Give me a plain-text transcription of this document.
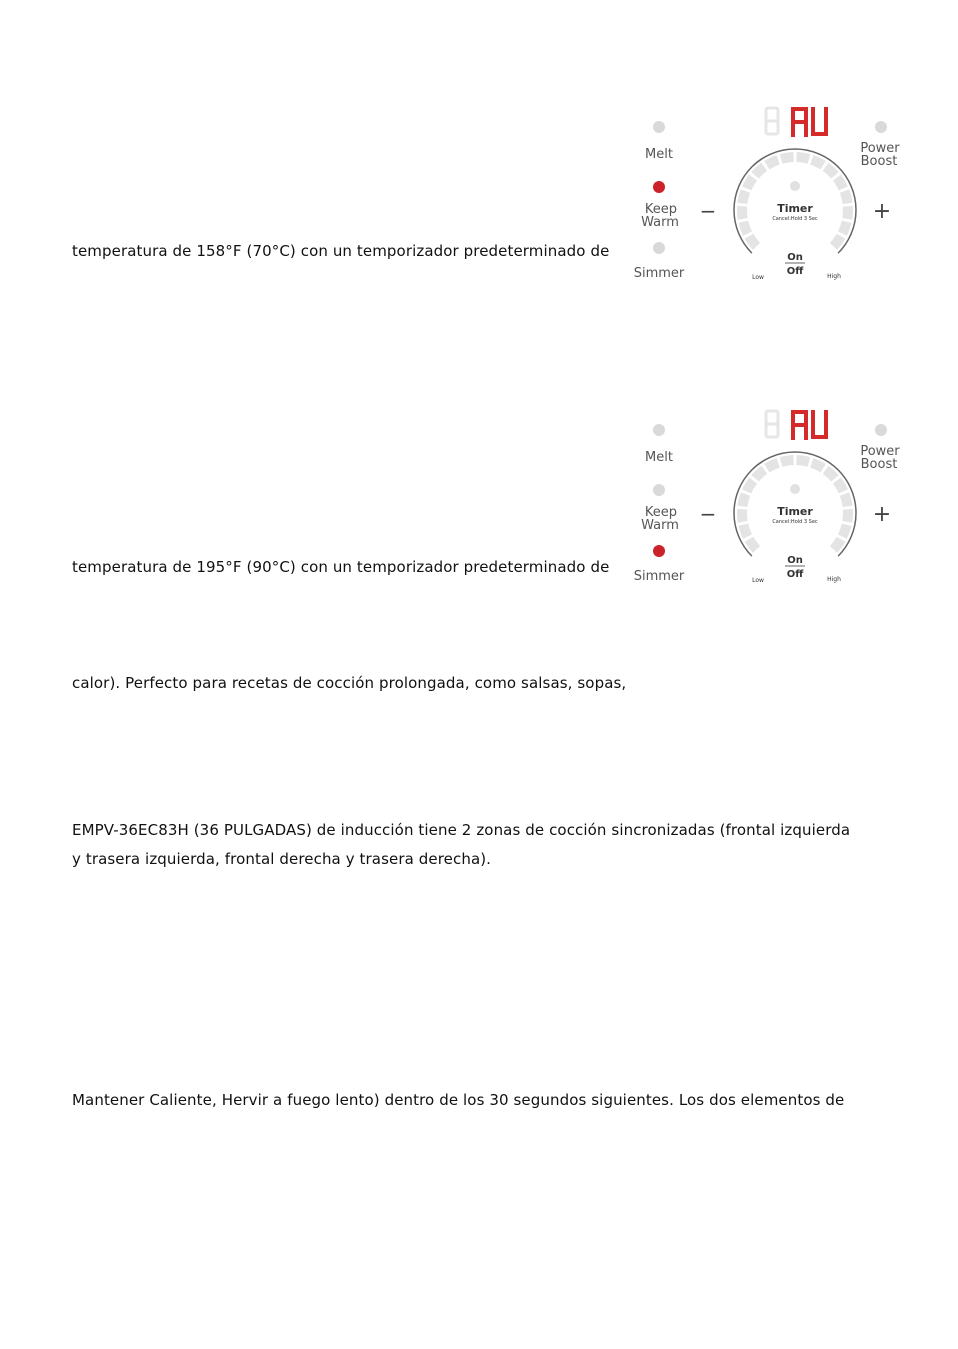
temperatura de 158°F (70°C) con un temporizador predeterminado de
temperatura de 195°F (90°C) con un temporizador predeterminado de
calor). Perfecto para recetas de cocción prolongada, como salsas, sopas,
EMPV-36EC83H (36 PULGADAS) de inducción tiene 2 zonas de cocción sincronizadas (frontal izquierda
y trasera izquierda, frontal derecha y trasera derecha).
Mantener Caliente, Hervir a fuego lento) dentro de los 30 segundos siguientes. Los dos elementos de
Melt
Keep
Warm
Simmer
−	+
Power
Boost
Timer
Cancel:Hold 3 Sec
On
Off
Low	High
Melt
Keep
Warm
Simmer
−	+
Power
Boost
Timer
Cancel:Hold 3 Sec
On
Off
Low	High
